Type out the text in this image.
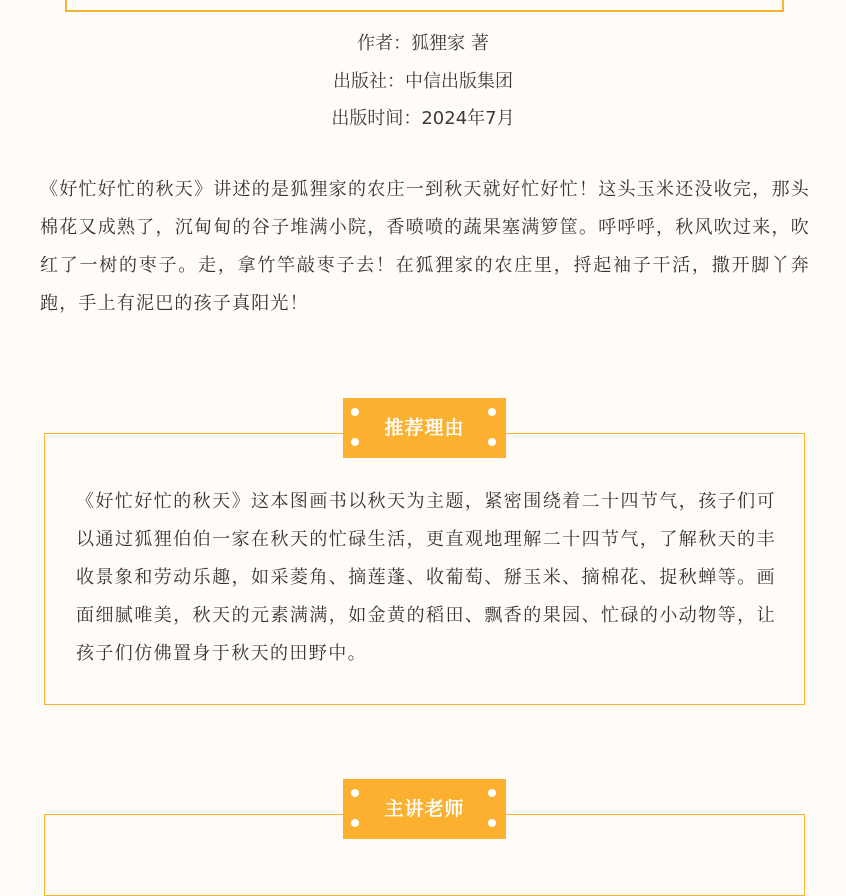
作者：狐狸家 著
出版社：中信出版集团
出版时间：2024年7月

《好忙好忙的秋天》讲述的是狐狸家的农庄一到秋天就好忙好忙！这头玉米还没收完，那头棉花又成熟了，沉甸甸的谷子堆满小院，香喷喷的蔬果塞满箩筐。呼呼呼，秋风吹过来，吹红了一树的枣子。走，拿竹竿敲枣子去！在狐狸家的农庄里，捋起袖子干活，撒开脚丫奔跑，手上有泥巴的孩子真阳光！

推荐理由

《好忙好忙的秋天》这本图画书以秋天为主题，紧密围绕着二十四节气，孩子们可以通过狐狸伯伯一家在秋天的忙碌生活，更直观地理解二十四节气，了解秋天的丰收景象和劳动乐趣，如采菱角、摘莲蓬、收葡萄、掰玉米、摘棉花、捉秋蝉等。画面细腻唯美，秋天的元素满满，如金黄的稻田、飘香的果园、忙碌的小动物等，让孩子们仿佛置身于秋天的田野中。

主讲老师
